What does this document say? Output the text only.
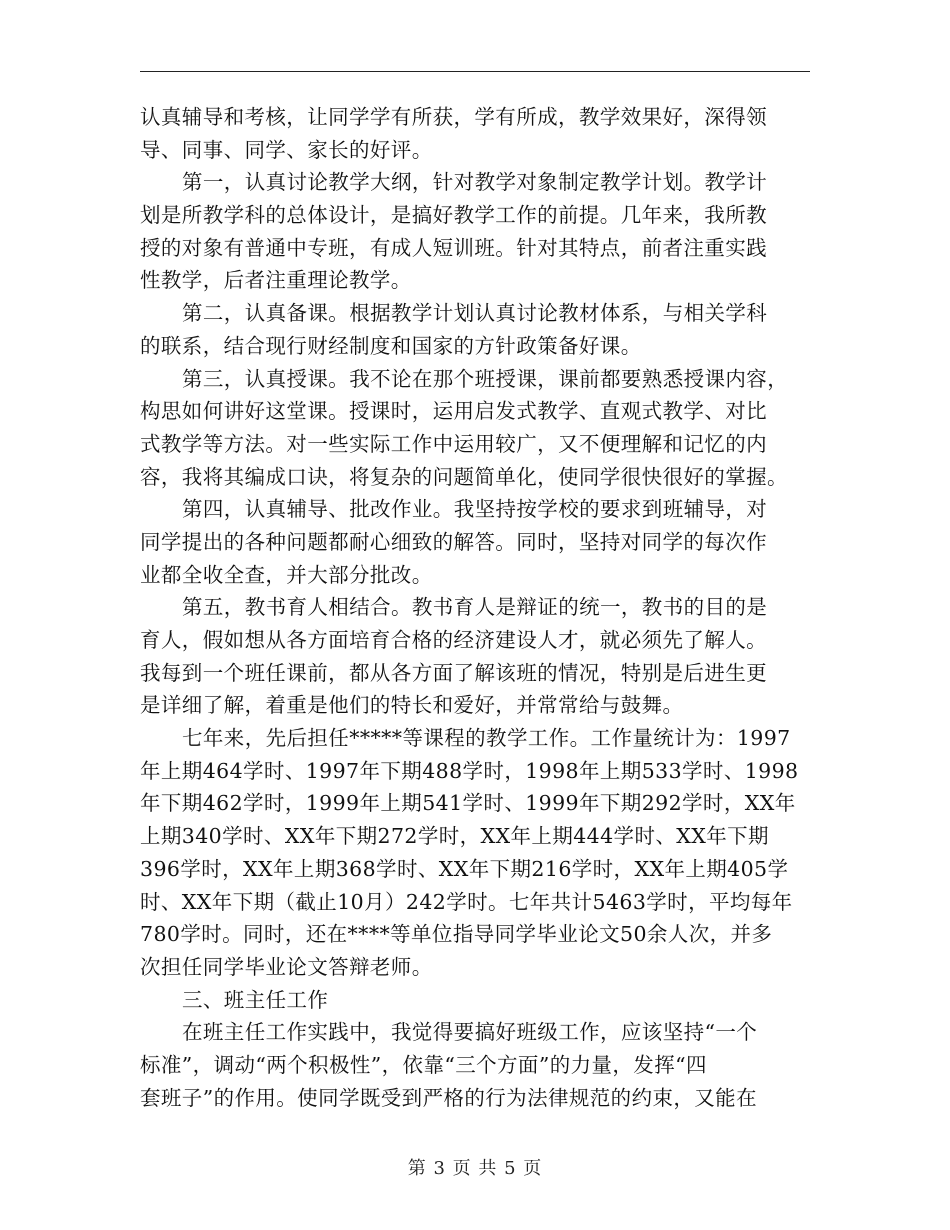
认真辅导和考核，让同学学有所获，学有所成，教学效果好，深得领
导、同事、同学、家长的好评。
第一，认真讨论教学大纲，针对教学对象制定教学计划。教学计
划是所教学科的总体设计，是搞好教学工作的前提。几年来，我所教
授的对象有普通中专班，有成人短训班。针对其特点，前者注重实践
性教学，后者注重理论教学。
第二，认真备课。根据教学计划认真讨论教材体系，与相关学科
的联系，结合现行财经制度和国家的方针政策备好课。
第三，认真授课。我不论在那个班授课，课前都要熟悉授课内容，
构思如何讲好这堂课。授课时，运用启发式教学、直观式教学、对比
式教学等方法。对一些实际工作中运用较广，又不便理解和记忆的内
容，我将其编成口诀，将复杂的问题简单化，使同学很快很好的掌握。
第四，认真辅导、批改作业。我坚持按学校的要求到班辅导，对
同学提出的各种问题都耐心细致的解答。同时，坚持对同学的每次作
业都全收全查，并大部分批改。
第五，教书育人相结合。教书育人是辩证的统一，教书的目的是
育人，假如想从各方面培育合格的经济建设人才，就必须先了解人。
我每到一个班任课前，都从各方面了解该班的情况，特别是后进生更
是详细了解，着重是他们的特长和爱好，并常常给与鼓舞。
七年来，先后担任*****等课程的教学工作。工作量统计为：1997
年上期464学时、1997年下期488学时，1998年上期533学时、1998
年下期462学时，1999年上期541学时、1999年下期292学时，XX年
上期340学时、XX年下期272学时，XX年上期444学时、XX年下期
396学时，XX年上期368学时、XX年下期216学时，XX年上期405学
时、XX年下期（截止10月）242学时。七年共计5463学时，平均每年
780学时。同时，还在****等单位指导同学毕业论文50余人次，并多
次担任同学毕业论文答辩老师。
三、班主任工作
在班主任工作实践中，我觉得要搞好班级工作，应该坚持“一个
标准”，调动“两个积极性”，依靠“三个方面”的力量，发挥“四
套班子”的作用。使同学既受到严格的行为法律规范的约束，又能在
第 3 页 共 5 页
